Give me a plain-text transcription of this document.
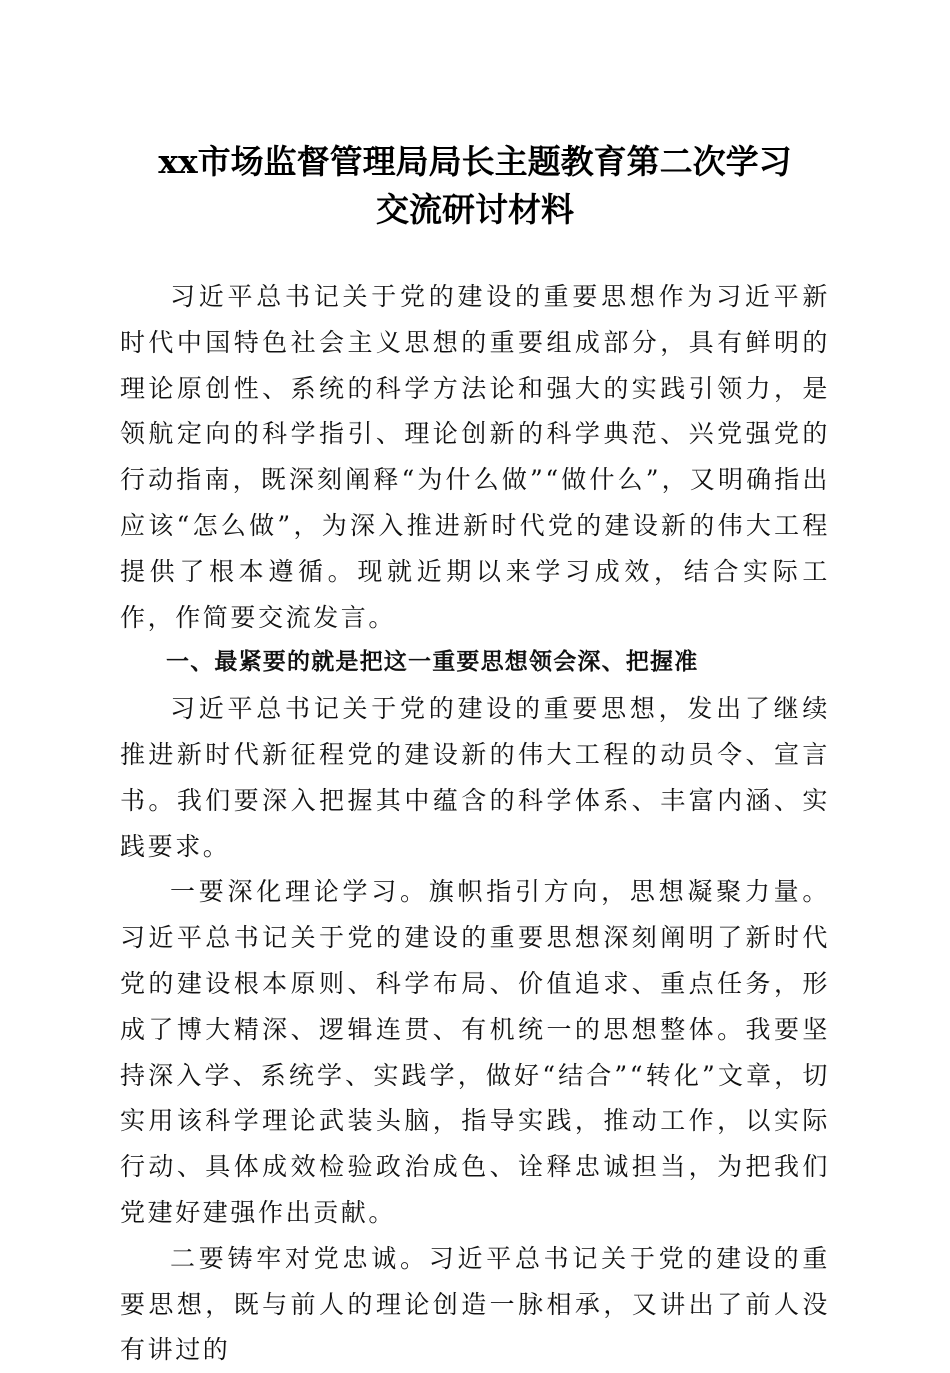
xx市场监督管理局局长主题教育第二次学习
交流研讨材料

习近平总书记关于党的建设的重要思想作为习近平新时代中国特色社会主义思想的重要组成部分，具有鲜明的理论原创性、系统的科学方法论和强大的实践引领力，是领航定向的科学指引、理论创新的科学典范、兴党强党的行动指南，既深刻阐释“为什么做”“做什么”，又明确指出应该“怎么做”，为深入推进新时代党的建设新的伟大工程提供了根本遵循。现就近期以来学习成效，结合实际工作，作简要交流发言。

一、最紧要的就是把这一重要思想领会深、把握准

习近平总书记关于党的建设的重要思想，发出了继续推进新时代新征程党的建设新的伟大工程的动员令、宣言书。我们要深入把握其中蕴含的科学体系、丰富内涵、实践要求。

一要深化理论学习。旗帜指引方向，思想凝聚力量。习近平总书记关于党的建设的重要思想深刻阐明了新时代党的建设根本原则、科学布局、价值追求、重点任务，形成了博大精深、逻辑连贯、有机统一的思想整体。我要坚持深入学、系统学、实践学，做好“结合”“转化”文章，切实用该科学理论武装头脑，指导实践，推动工作，以实际行动、具体成效检验政治成色、诠释忠诚担当，为把我们党建好建强作出贡献。

二要铸牢对党忠诚。习近平总书记关于党的建设的重要思想，既与前人的理论创造一脉相承，又讲出了前人没有讲过的
